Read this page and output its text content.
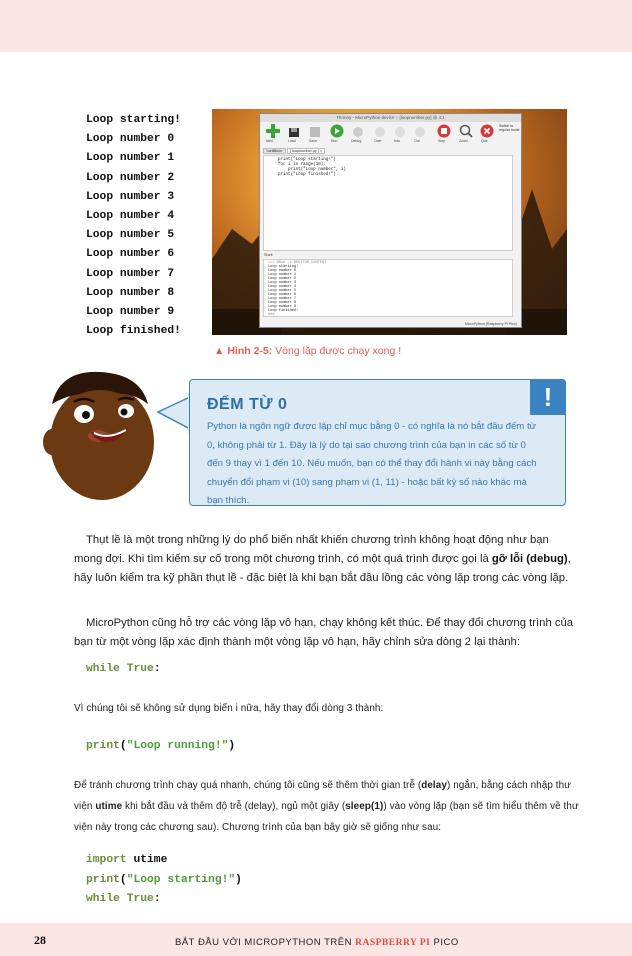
Loop starting!
Loop number 0
Loop number 1
Loop number 2
Loop number 3
Loop number 4
Loop number 5
Loop number 6
Loop number 7
Loop number 8
Loop number 9
Loop finished!
Thonny - MicroPython device :: [loopnumber.py] @ 4:1
Switch to regular mode
New	Load	Save	Run	Debug	Over	Into	Out	Stop	Zoom	Quit
<untitled> [ loopnumber.py ] ×
print("Loop starting!")
for i in range(10):
print("Loop number", i)
print("Loop finished!")
Shell
>>> %Run -c $EDITOR_CONTENT
Loop starting!
Loop number 0
Loop number 1
Loop number 2
Loop number 3
Loop number 4
Loop number 5
Loop number 6
Loop number 7
Loop number 8
Loop number 9
Loop finished!
>>>
MicroPython (Raspberry Pi Pico)
▲ Hình 2-5: Vòng lặp được chạy xong !
!
ĐẾM TỪ 0
Python là ngôn ngữ được lập chỉ mục bằng 0 - có nghĩa là nó bắt đầu đếm từ 0, không phải từ 1. Đây là lý do tại sao chương trình của bạn in các số từ 0 đến 9 thay vì 1 đến 10. Nếu muốn, bạn có thể thay đổi hành vi này bằng cách chuyển đổi phạm vi (10) sang phạm vi (1, 11) - hoặc bất kỳ số nào khác mà bạn thích.
Thụt lề là một trong những lý do phổ biến nhất khiến chương trình không hoạt động như bạn mong đợi. Khi tìm kiếm sự cố trong một chương trình, có một quá trình được gọi là gỡ lỗi (debug), hãy luôn kiểm tra kỹ phần thụt lề - đặc biệt là khi bạn bắt đầu lồng các vòng lặp trong các vòng lặp.
MicroPython cũng hỗ trợ các vòng lặp vô hạn, chạy không kết thúc. Để thay đổi chương trình của bạn từ một vòng lặp xác định thành một vòng lặp vô hạn, hãy chỉnh sửa dòng 2 lại thành:
while True:
Vì chúng tôi sẽ không sử dụng biến i nữa, hãy thay đổi dòng 3 thành:
print("Loop running!")
Để tránh chương trình chạy quá nhanh, chúng tôi cũng sẽ thêm thời gian trễ (delay) ngắn, bằng cách nhập thư viện utime khi bắt đầu và thêm độ trễ (delay), ngủ một giây (sleep(1)) vào vòng lặp (bạn sẽ tìm hiểu thêm về thư viện này trong các chương sau). Chương trình của bạn bây giờ sẽ giống như sau:
import utime
print("Loop starting!")
while True:
28	BẮT ĐẦU VỚI MICROPYTHON TRÊN RASPBERRY PI PICO
